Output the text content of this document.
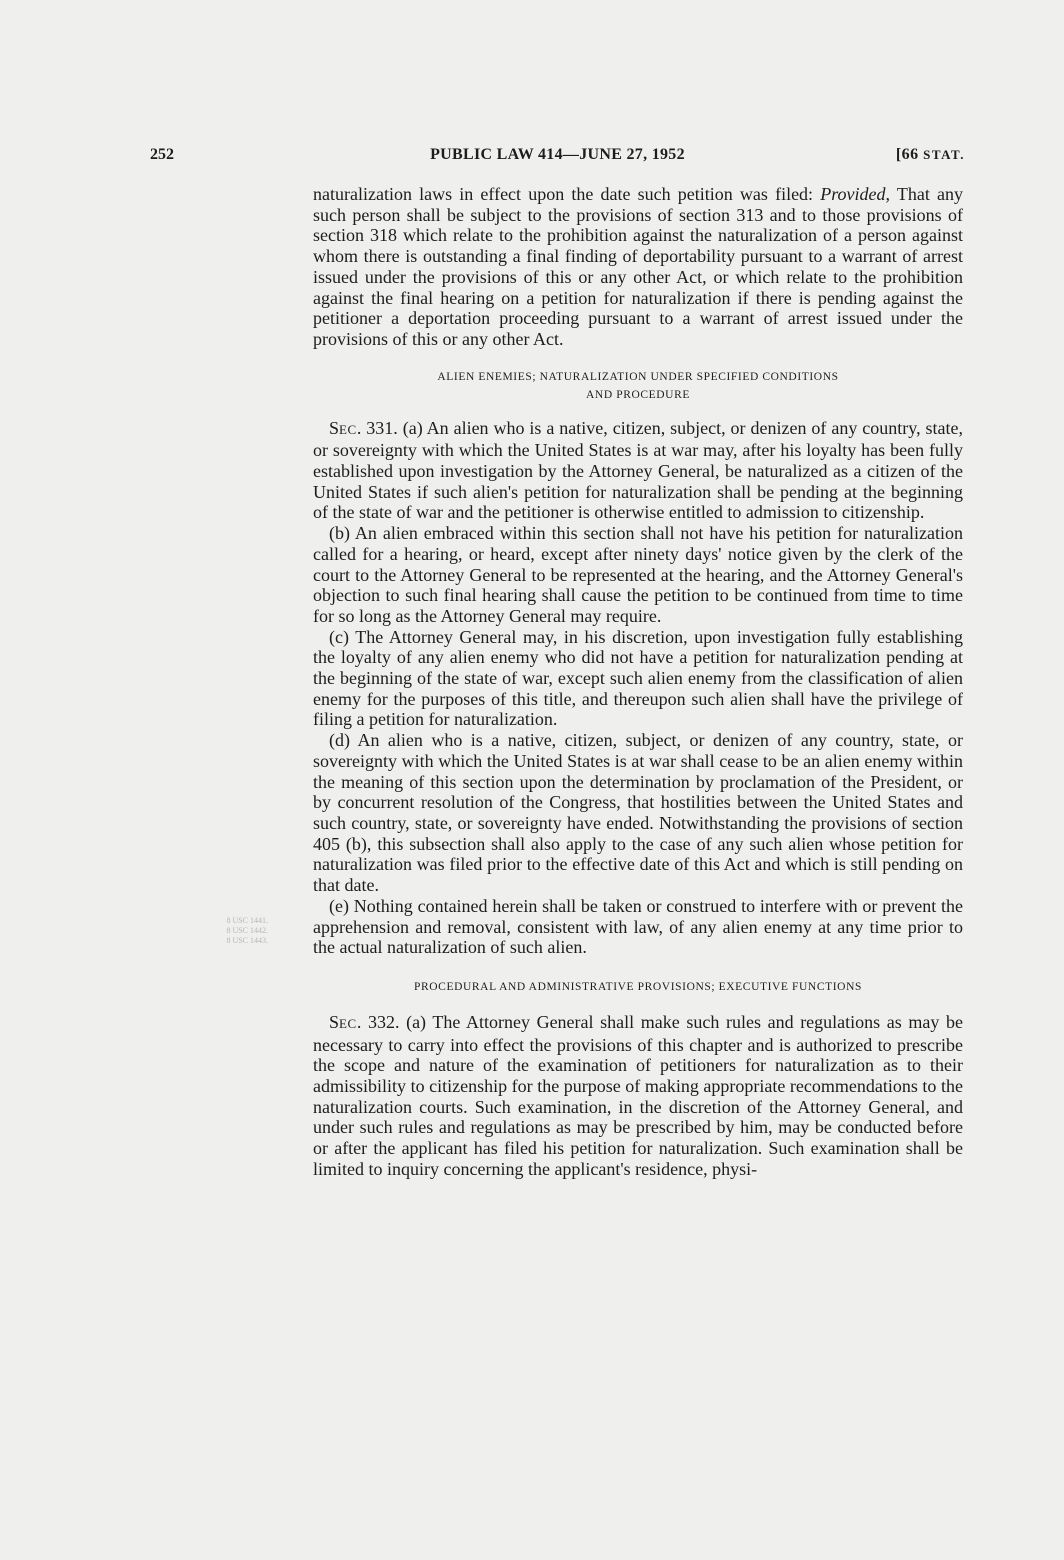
252	PUBLIC LAW 414—JUNE 27, 1952	[66 STAT.
8 USC 1441.
8 USC 1442.
8 USC 1443.

naturalization laws in effect upon the date such petition was filed: Provided, That any such person shall be subject to the provisions of section 313 and to those provisions of section 318 which relate to the prohibition against the naturalization of a person against whom there is outstanding a final finding of deportability pursuant to a warrant of arrest issued under the provisions of this or any other Act, or which relate to the prohibition against the final hearing on a petition for naturalization if there is pending against the petitioner a deportation proceeding pursuant to a warrant of arrest issued under the provisions of this or any other Act.

ALIEN ENEMIES; NATURALIZATION UNDER SPECIFIED CONDITIONS
AND PROCEDURE

SEC. 331. (a) An alien who is a native, citizen, subject, or denizen of any country, state, or sovereignty with which the United States is at war may, after his loyalty has been fully established upon investigation by the Attorney General, be naturalized as a citizen of the United States if such alien's petition for naturalization shall be pending at the beginning of the state of war and the petitioner is otherwise entitled to admission to citizenship.

(b) An alien embraced within this section shall not have his petition for naturalization called for a hearing, or heard, except after ninety days' notice given by the clerk of the court to the Attorney General to be represented at the hearing, and the Attorney General's objection to such final hearing shall cause the petition to be continued from time to time for so long as the Attorney General may require.

(c) The Attorney General may, in his discretion, upon investigation fully establishing the loyalty of any alien enemy who did not have a petition for naturalization pending at the beginning of the state of war, except such alien enemy from the classification of alien enemy for the purposes of this title, and thereupon such alien shall have the privilege of filing a petition for naturalization.

(d) An alien who is a native, citizen, subject, or denizen of any country, state, or sovereignty with which the United States is at war shall cease to be an alien enemy within the meaning of this section upon the determination by proclamation of the President, or by concurrent resolution of the Congress, that hostilities between the United States and such country, state, or sovereignty have ended. Notwithstanding the provisions of section 405 (b), this subsection shall also apply to the case of any such alien whose petition for naturalization was filed prior to the effective date of this Act and which is still pending on that date.

(e) Nothing contained herein shall be taken or construed to interfere with or prevent the apprehension and removal, consistent with law, of any alien enemy at any time prior to the actual naturalization of such alien.

PROCEDURAL AND ADMINISTRATIVE PROVISIONS; EXECUTIVE FUNCTIONS

SEC. 332. (a) The Attorney General shall make such rules and regulations as may be necessary to carry into effect the provisions of this chapter and is authorized to prescribe the scope and nature of the examination of petitioners for naturalization as to their admissibility to citizenship for the purpose of making appropriate recommendations to the naturalization courts. Such examination, in the discretion of the Attorney General, and under such rules and regulations as may be prescribed by him, may be conducted before or after the applicant has filed his petition for naturalization. Such examination shall be limited to inquiry concerning the applicant's residence, physi-
